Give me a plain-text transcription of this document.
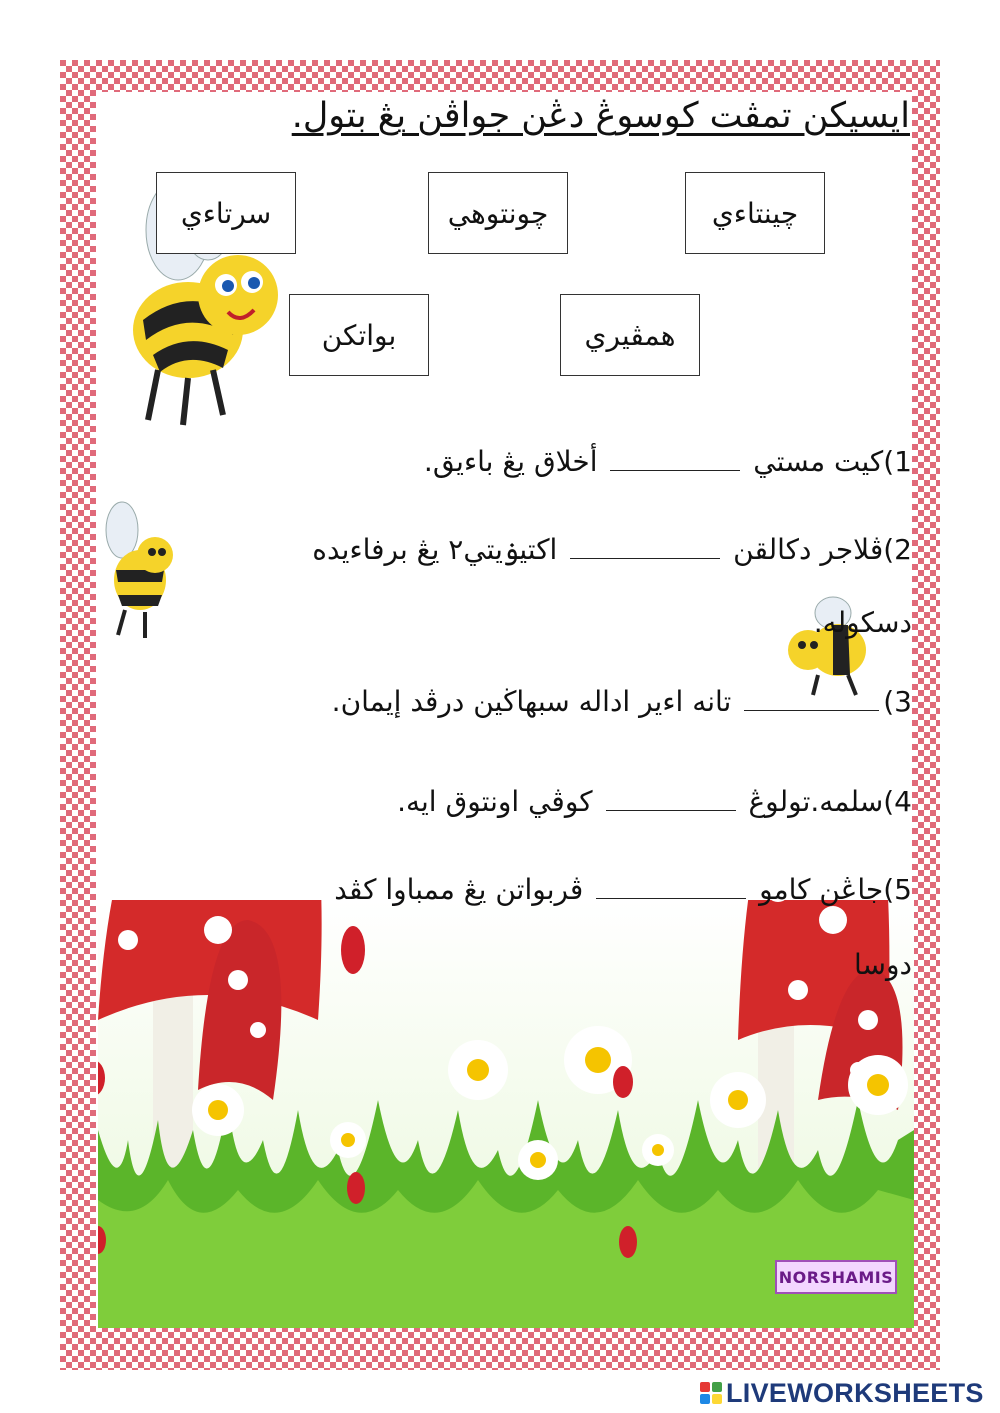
ايسيکن تمڤت کوسوڠ دڠن جواڤن يڠ بتول.
سرتاءي	چونتوهي	چينتاءي
بواتکن	همڤيري
1)کيت مستي  أخلاق يڠ باءيق.
2)ڤلاجر دکالقن  اکتيۏيتي٢ يڠ برفاءيده
دسکوله.
3) تانه اءير اداله سبهاڬين درڤد إيمان.
4)سلمه.تولوڠ  کوڤي اونتوق ايه.
5)جاڠن کامو  ڤربواتن يڠ ممباوا کڤد
دوسا
NORSHAMIS
LIVEWORKSHEETS
